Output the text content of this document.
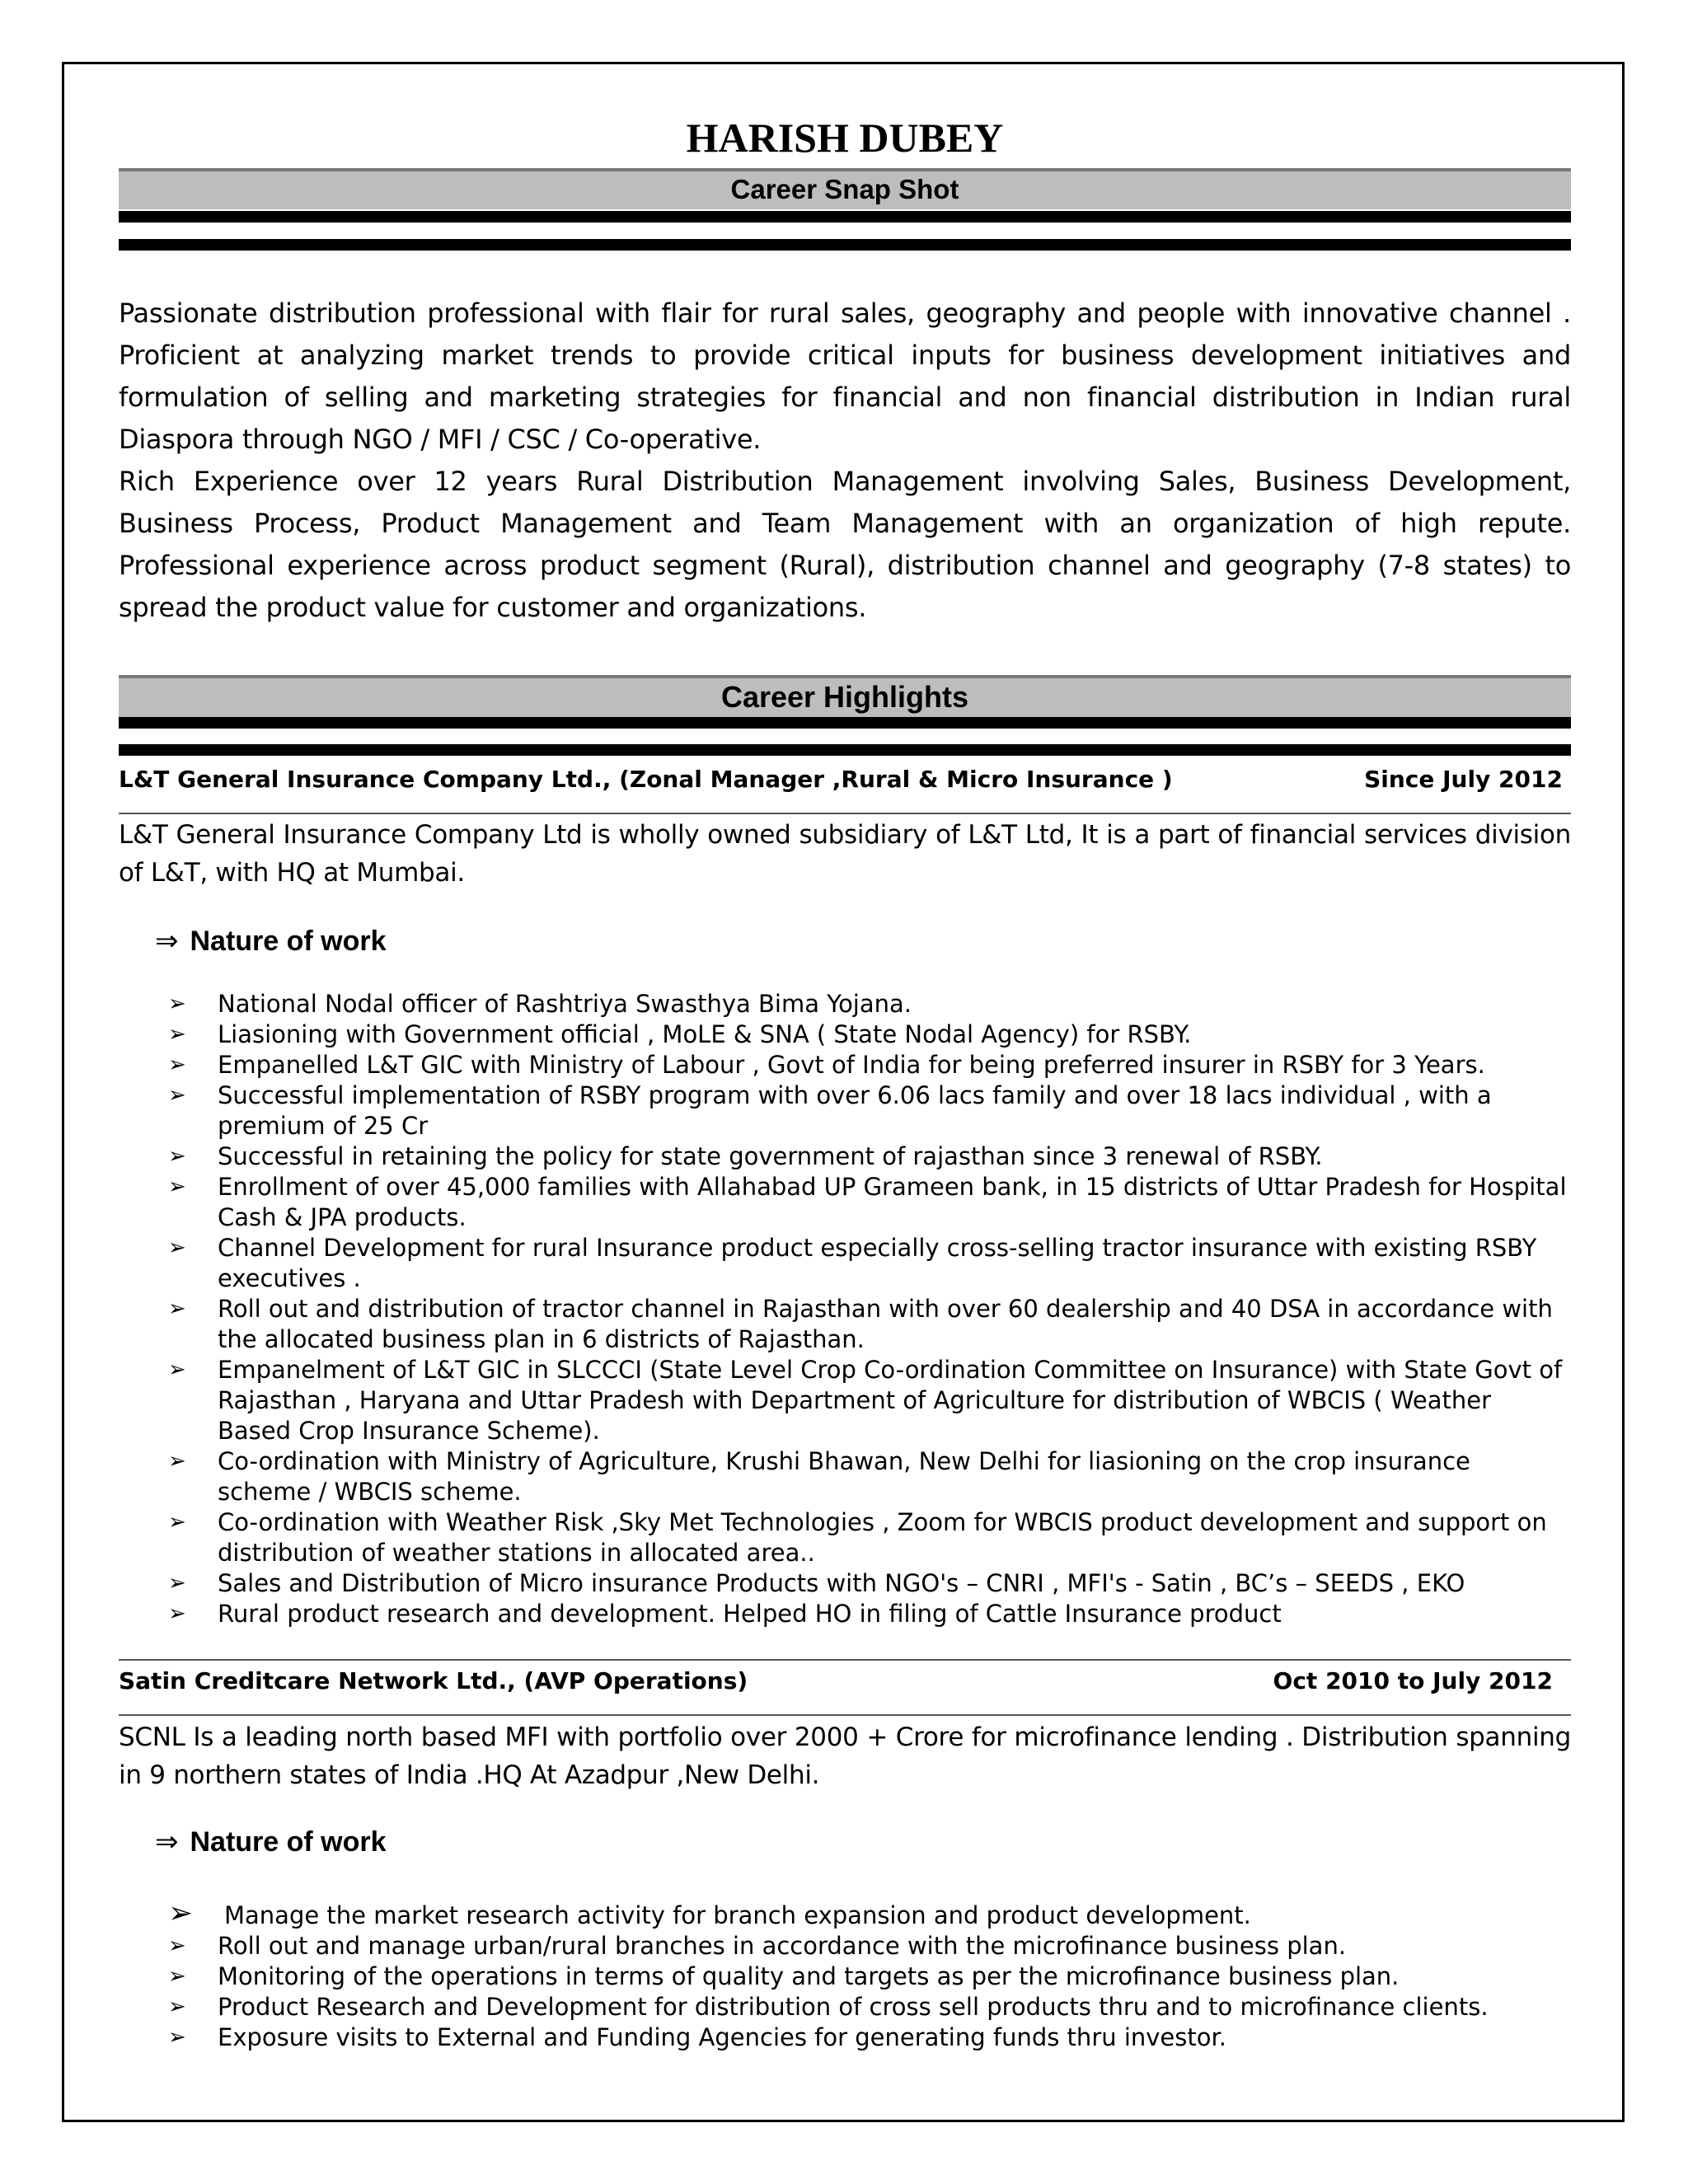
HARISH DUBEY
Career Snap Shot

Passionate distribution professional with flair for rural sales, geography and people with innovative channel . Proficient at analyzing market trends to provide critical inputs for business development initiatives and formulation of selling and marketing strategies for financial and non financial distribution in Indian rural Diaspora through NGO / MFI / CSC / Co-operative.

Rich Experience over 12 years Rural Distribution Management involving Sales, Business Development, Business Process, Product Management and Team Management with an organization of high repute. Professional experience across product segment (Rural), distribution channel and geography (7-8 states) to spread the product value for customer and organizations.

Career Highlights
L&T General Insurance Company Ltd., (Zonal Manager ,Rural & Micro Insurance )	Since July 2012
L&T General Insurance Company Ltd is wholly owned subsidiary of L&T Ltd, It is a part of financial services division of L&T, with HQ at Mumbai.
⇒ Nature of work
➢ National Nodal officer of Rashtriya Swasthya Bima Yojana.
➢ Liasioning with Government official , MoLE & SNA ( State Nodal Agency) for RSBY.
➢ Empanelled L&T GIC with Ministry of Labour , Govt of India for being preferred insurer in RSBY for 3 Years.
➢ Successful implementation of RSBY program with over 6.06 lacs family and over 18 lacs individual , with a premium of 25 Cr
➢ Successful in retaining the policy for state government of rajasthan since 3 renewal of RSBY.
➢ Enrollment of over 45,000 families with Allahabad UP Grameen bank, in 15 districts of Uttar Pradesh for Hospital Cash & JPA products.
➢ Channel Development for rural Insurance product especially cross-selling tractor insurance with existing RSBY executives .
➢ Roll out and distribution of tractor channel in Rajasthan with over 60 dealership and 40 DSA in accordance with the allocated business plan in 6 districts of Rajasthan.
➢ Empanelment of L&T GIC in SLCCCI (State Level Crop Co-ordination Committee on Insurance) with State Govt of Rajasthan , Haryana and Uttar Pradesh with Department of Agriculture for distribution of WBCIS ( Weather Based Crop Insurance Scheme).
➢ Co-ordination with Ministry of Agriculture, Krushi Bhawan, New Delhi for liasioning on the crop insurance scheme / WBCIS scheme.
➢ Co-ordination with Weather Risk ,Sky Met Technologies , Zoom for WBCIS product development and support on distribution of weather stations in allocated area..
➢ Sales and Distribution of Micro insurance Products with NGO's – CNRI , MFI's - Satin , BC’s – SEEDS , EKO
➢ Rural product research and development. Helped HO in filing of Cattle Insurance product
Satin Creditcare Network Ltd., (AVP Operations)	Oct 2010 to July 2012
SCNL Is a leading north based MFI with portfolio over 2000 + Crore for microfinance lending . Distribution spanning in 9 northern states of India .HQ At Azadpur ,New Delhi.
⇒ Nature of work
➢ Manage the market research activity for branch expansion and product development.
➢ Roll out and manage urban/rural branches in accordance with the microfinance business plan.
➢ Monitoring of the operations in terms of quality and targets as per the microfinance business plan.
➢ Product Research and Development for distribution of cross sell products thru and to microfinance clients.
➢ Exposure visits to External and Funding Agencies for generating funds thru investor.
